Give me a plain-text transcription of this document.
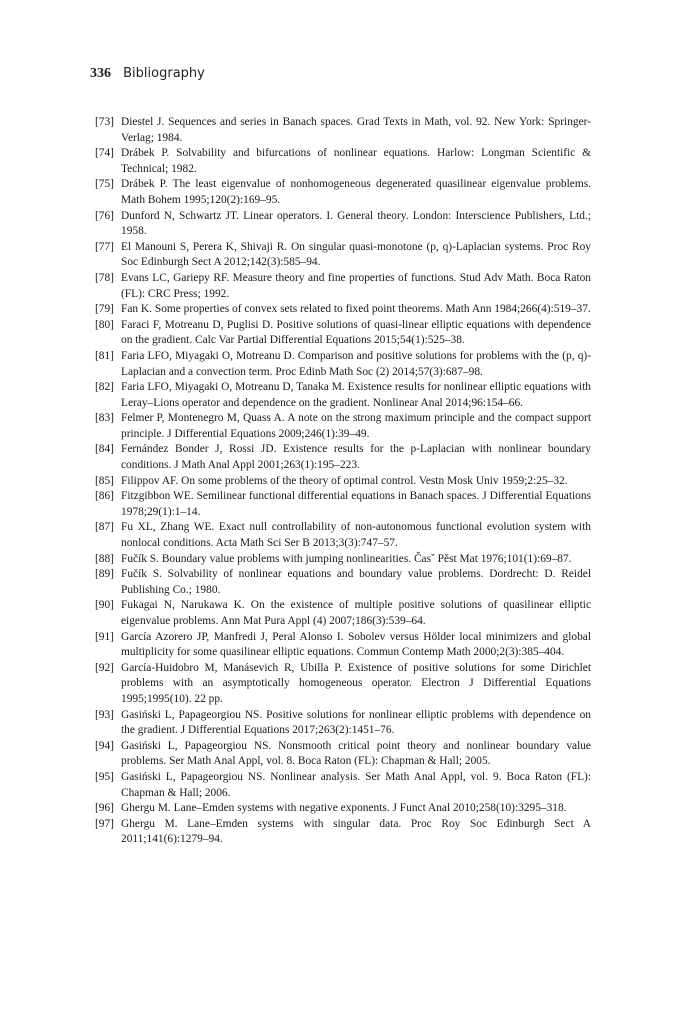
336 Bibliography
[73] Diestel J. Sequences and series in Banach spaces. Grad Texts in Math, vol. 92. New York: Springer-Verlag; 1984.
[74] Drábek P. Solvability and bifurcations of nonlinear equations. Harlow: Longman Scientific & Technical; 1982.
[75] Drábek P. The least eigenvalue of nonhomogeneous degenerated quasilinear eigenvalue problems. Math Bohem 1995;120(2):169–95.
[76] Dunford N, Schwartz JT. Linear operators. I. General theory. London: Interscience Publishers, Ltd.; 1958.
[77] El Manouni S, Perera K, Shivaji R. On singular quasi-monotone (p, q)-Laplacian systems. Proc Roy Soc Edinburgh Sect A 2012;142(3):585–94.
[78] Evans LC, Gariepy RF. Measure theory and fine properties of functions. Stud Adv Math. Boca Raton (FL): CRC Press; 1992.
[79] Fan K. Some properties of convex sets related to fixed point theorems. Math Ann 1984;266(4):519–37.
[80] Faraci F, Motreanu D, Puglisi D. Positive solutions of quasi-linear elliptic equations with dependence on the gradient. Calc Var Partial Differential Equations 2015;54(1):525–38.
[81] Faria LFO, Miyagaki O, Motreanu D. Comparison and positive solutions for problems with the (p, q)-Laplacian and a convection term. Proc Edinb Math Soc (2) 2014;57(3):687–98.
[82] Faria LFO, Miyagaki O, Motreanu D, Tanaka M. Existence results for nonlinear elliptic equations with Leray–Lions operator and dependence on the gradient. Nonlinear Anal 2014;96:154–66.
[83] Felmer P, Montenegro M, Quass A. A note on the strong maximum principle and the compact support principle. J Differential Equations 2009;246(1):39–49.
[84] Fernández Bonder J, Rossi JD. Existence results for the p-Laplacian with nonlinear boundary conditions. J Math Anal Appl 2001;263(1):195–223.
[85] Filippov AF. On some problems of the theory of optimal control. Vestn Mosk Univ 1959;2:25–32.
[86] Fitzgibbon WE. Semilinear functional differential equations in Banach spaces. J Differential Equations 1978;29(1):1–14.
[87] Fu XL, Zhang WE. Exact null controllability of non-autonomous functional evolution system with nonlocal conditions. Acta Math Sci Ser B 2013;3(3):747–57.
[88] Fučík S. Boundary value problems with jumping nonlinearities. Časˇ Pěst Mat 1976;101(1):69–87.
[89] Fučík S. Solvability of nonlinear equations and boundary value problems. Dordrecht: D. Reidel Publishing Co.; 1980.
[90] Fukagai N, Narukawa K. On the existence of multiple positive solutions of quasilinear elliptic eigenvalue problems. Ann Mat Pura Appl (4) 2007;186(3):539–64.
[91] García Azorero JP, Manfredi J, Peral Alonso I. Sobolev versus Hölder local minimizers and global multiplicity for some quasilinear elliptic equations. Commun Contemp Math 2000;2(3):385–404.
[92] García-Huidobro M, Manásevich R, Ubilla P. Existence of positive solutions for some Dirichlet problems with an asymptotically homogeneous operator. Electron J Differential Equations 1995;1995(10). 22 pp.
[93] Gasiński L, Papageorgiou NS. Positive solutions for nonlinear elliptic problems with dependence on the gradient. J Differential Equations 2017;263(2):1451–76.
[94] Gasiński L, Papageorgiou NS. Nonsmooth critical point theory and nonlinear boundary value problems. Ser Math Anal Appl, vol. 8. Boca Raton (FL): Chapman & Hall; 2005.
[95] Gasiński L, Papageorgiou NS. Nonlinear analysis. Ser Math Anal Appl, vol. 9. Boca Raton (FL): Chapman & Hall; 2006.
[96] Ghergu M. Lane–Emden systems with negative exponents. J Funct Anal 2010;258(10):3295–318.
[97] Ghergu M. Lane–Emden systems with singular data. Proc Roy Soc Edinburgh Sect A 2011;141(6):1279–94.
